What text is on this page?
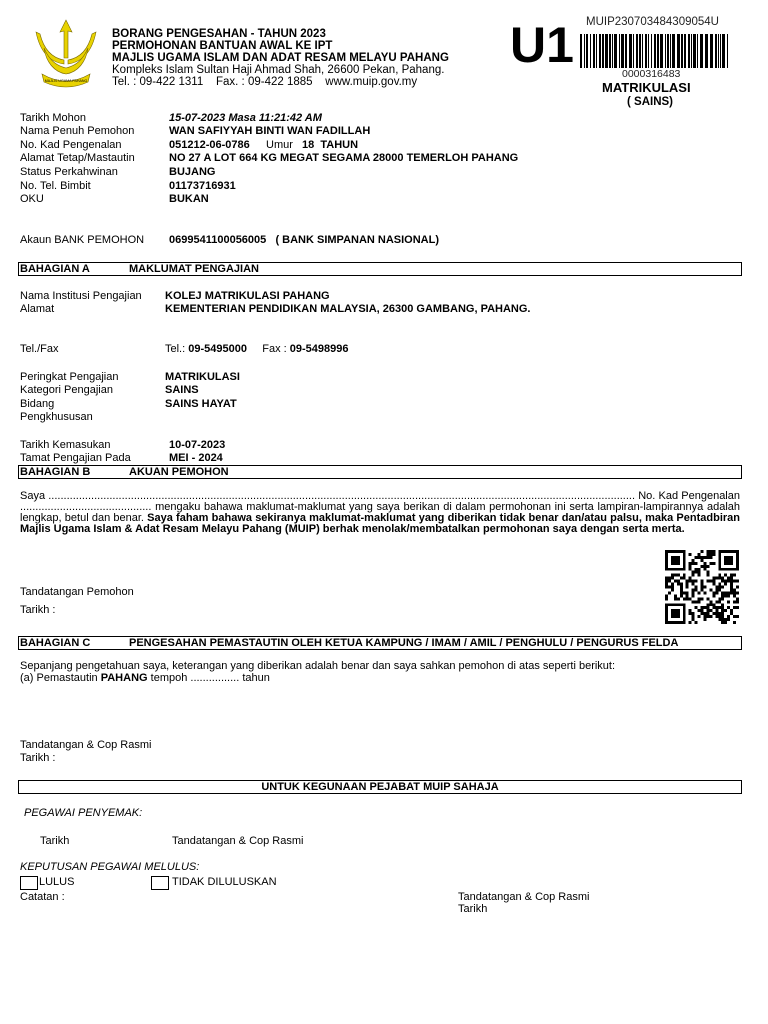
MAJLIS UGAMA PAHANG
BORANG PENGESAHAN - TAHUN 2023
PERMOHONAN BANTUAN AWAL KE IPT
MAJLIS UGAMA ISLAM DAN ADAT RESAM MELAYU PAHANG
Kompleks Islam Sultan Haji Ahmad Shah, 26600 Pekan, Pahang.
Tel. : 09-422 1311    Fax. : 09-422 1885    www.muip.gov.my
U1 MUIP230703484309054U
0000316483
MATRIKULASI
( SAINS)
Tarikh Mohon	15-07-2023 Masa 11:21:42 AM
Nama Penuh Pemohon	WAN SAFIYYAH BINTI WAN FADILLAH
No. Kad Pengenalan	051212-06-0786 Umur 18  TAHUN
Alamat Tetap/Mastautin	NO 27 A LOT 664 KG MEGAT SEGAMA 28000 TEMERLOH PAHANG
Status Perkahwinan	BUJANG
No. Tel. Bimbit	01173716931
OKU	BUKAN
Akaun BANK PEMOHON 0699541100056005   ( BANK SIMPANAN NASIONAL)
BAHAGIAN A	MAKLUMAT PENGAJIAN
Nama Institusi Pengajian KOLEJ MATRIKULASI PAHANG
Alamat	KEMENTERIAN PENDIDIKAN MALAYSIA, 26300 GAMBANG, PAHANG.
Tel./Fax	Tel.: 09-5495000 Fax : 09-5498996
Peringkat Pengajian	MATRIKULASI
Kategori Pengajian	SAINS
Bidang	SAINS HAYAT
Pengkhususan
Tarikh Kemasukan	10-07-2023
Tamat Pengajian Pada	MEI - 2024
BAHAGIAN B	AKUAN PEMOHON
Saya ................................................................................................................................................................................................ No. Kad Pengenalan ........................................... mengaku bahawa maklumat-maklumat yang saya berikan di dalam permohonan ini serta lampiran-lampirannya adalah lengkap, betul dan benar. Saya faham bahawa sekiranya maklumat-maklumat yang diberikan tidak benar dan/atau palsu, maka Pentadbiran Majlis Ugama Islam & Adat Resam Melayu Pahang (MUIP) berhak menolak/membatalkan permohonan saya dengan serta merta.
Tandatangan Pemohon
Tarikh :
BAHAGIAN C	PENGESAHAN PEMASTAUTIN OLEH KETUA KAMPUNG / IMAM / AMIL / PENGHULU / PENGURUS FELDA
Sepanjang pengetahuan saya, keterangan yang diberikan adalah benar dan saya sahkan pemohon di atas seperti berikut:
(a) Pemastautin PAHANG tempoh ................ tahun
Tandatangan & Cop Rasmi
Tarikh :
UNTUK KEGUNAAN PEJABAT MUIP SAHAJA
PEGAWAI PENYEMAK:
Tarikh	Tandatangan & Cop Rasmi
KEPUTUSAN PEGAWAI MELULUS:
LULUS	TIDAK DILULUSKAN
Catatan :	Tandatangan & Cop Rasmi
Tarikh
